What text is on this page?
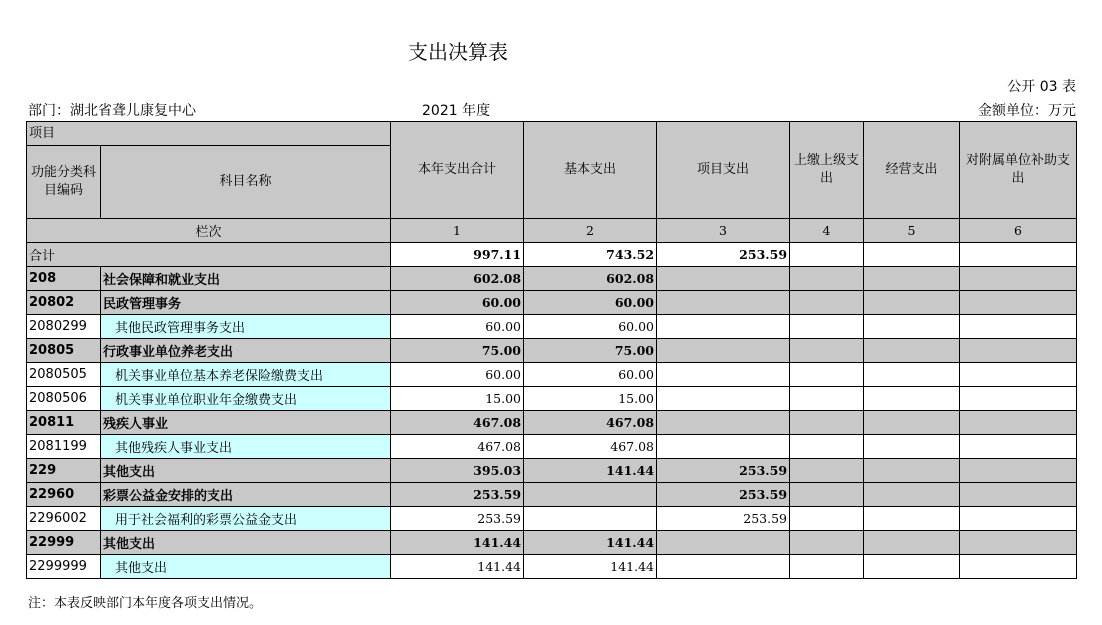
支出决算表
公开 03 表
部门：湖北省聋儿康复中心	2021 年度	金额单位：万元
项目		本年支出合计	基本支出	项目支出	上缴上级支出	经营支出	对附属单位补助支出
功能分类科目编码	科目名称						
栏次		1	2	3	4	5	6
合计		997.11	743.52	253.59			
208	社会保障和就业支出	602.08	602.08				
20802	民政管理事务	60.00	60.00				
2080299	其他民政管理事务支出	60.00	60.00				
20805	行政事业单位养老支出	75.00	75.00				
2080505	机关事业单位基本养老保险缴费支出	60.00	60.00				
2080506	机关事业单位职业年金缴费支出	15.00	15.00				
20811	残疾人事业	467.08	467.08				
2081199	其他残疾人事业支出	467.08	467.08				
229	其他支出	395.03	141.44	253.59			
22960	彩票公益金安排的支出	253.59		253.59			
2296002	用于社会福利的彩票公益金支出	253.59		253.59			
22999	其他支出	141.44	141.44				
2299999	其他支出	141.44	141.44				
注：本表反映部门本年度各项支出情况。
